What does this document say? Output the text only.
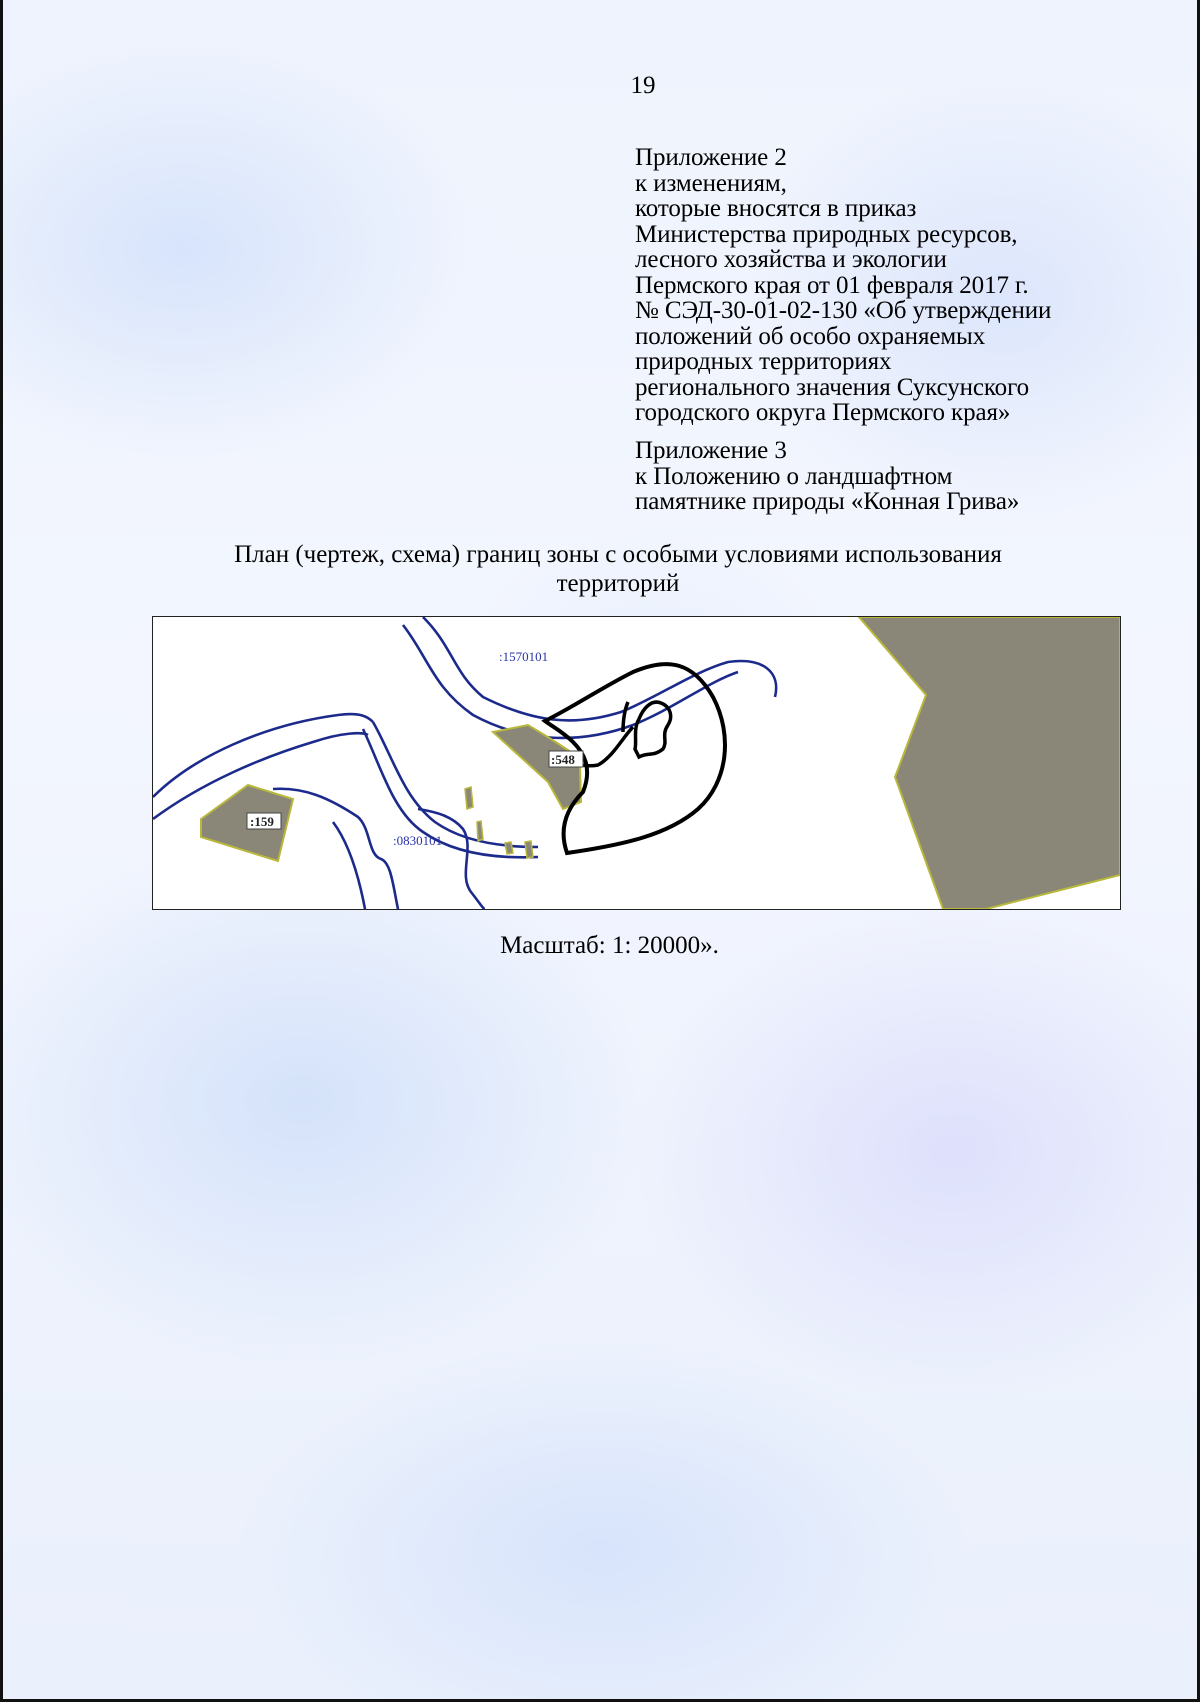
19
Приложение 2
к изменениям,
которые вносятся в приказ
Министерства природных ресурсов,
лесного хозяйства и экологии
Пермского края от 01 февраля 2017 г.
№ СЭД-30-01-02-130 «Об утверждении
положений об особо охраняемых
природных территориях
регионального значения Суксунского
городского округа Пермского края»
Приложение 3
к Положению о ландшафтном
памятнике природы «Конная Грива»
План (чертеж, схема) границ зоны с особыми условиями использования
территорий
:1570101
:0830101
:159
:548
Масштаб: 1: 20000».
